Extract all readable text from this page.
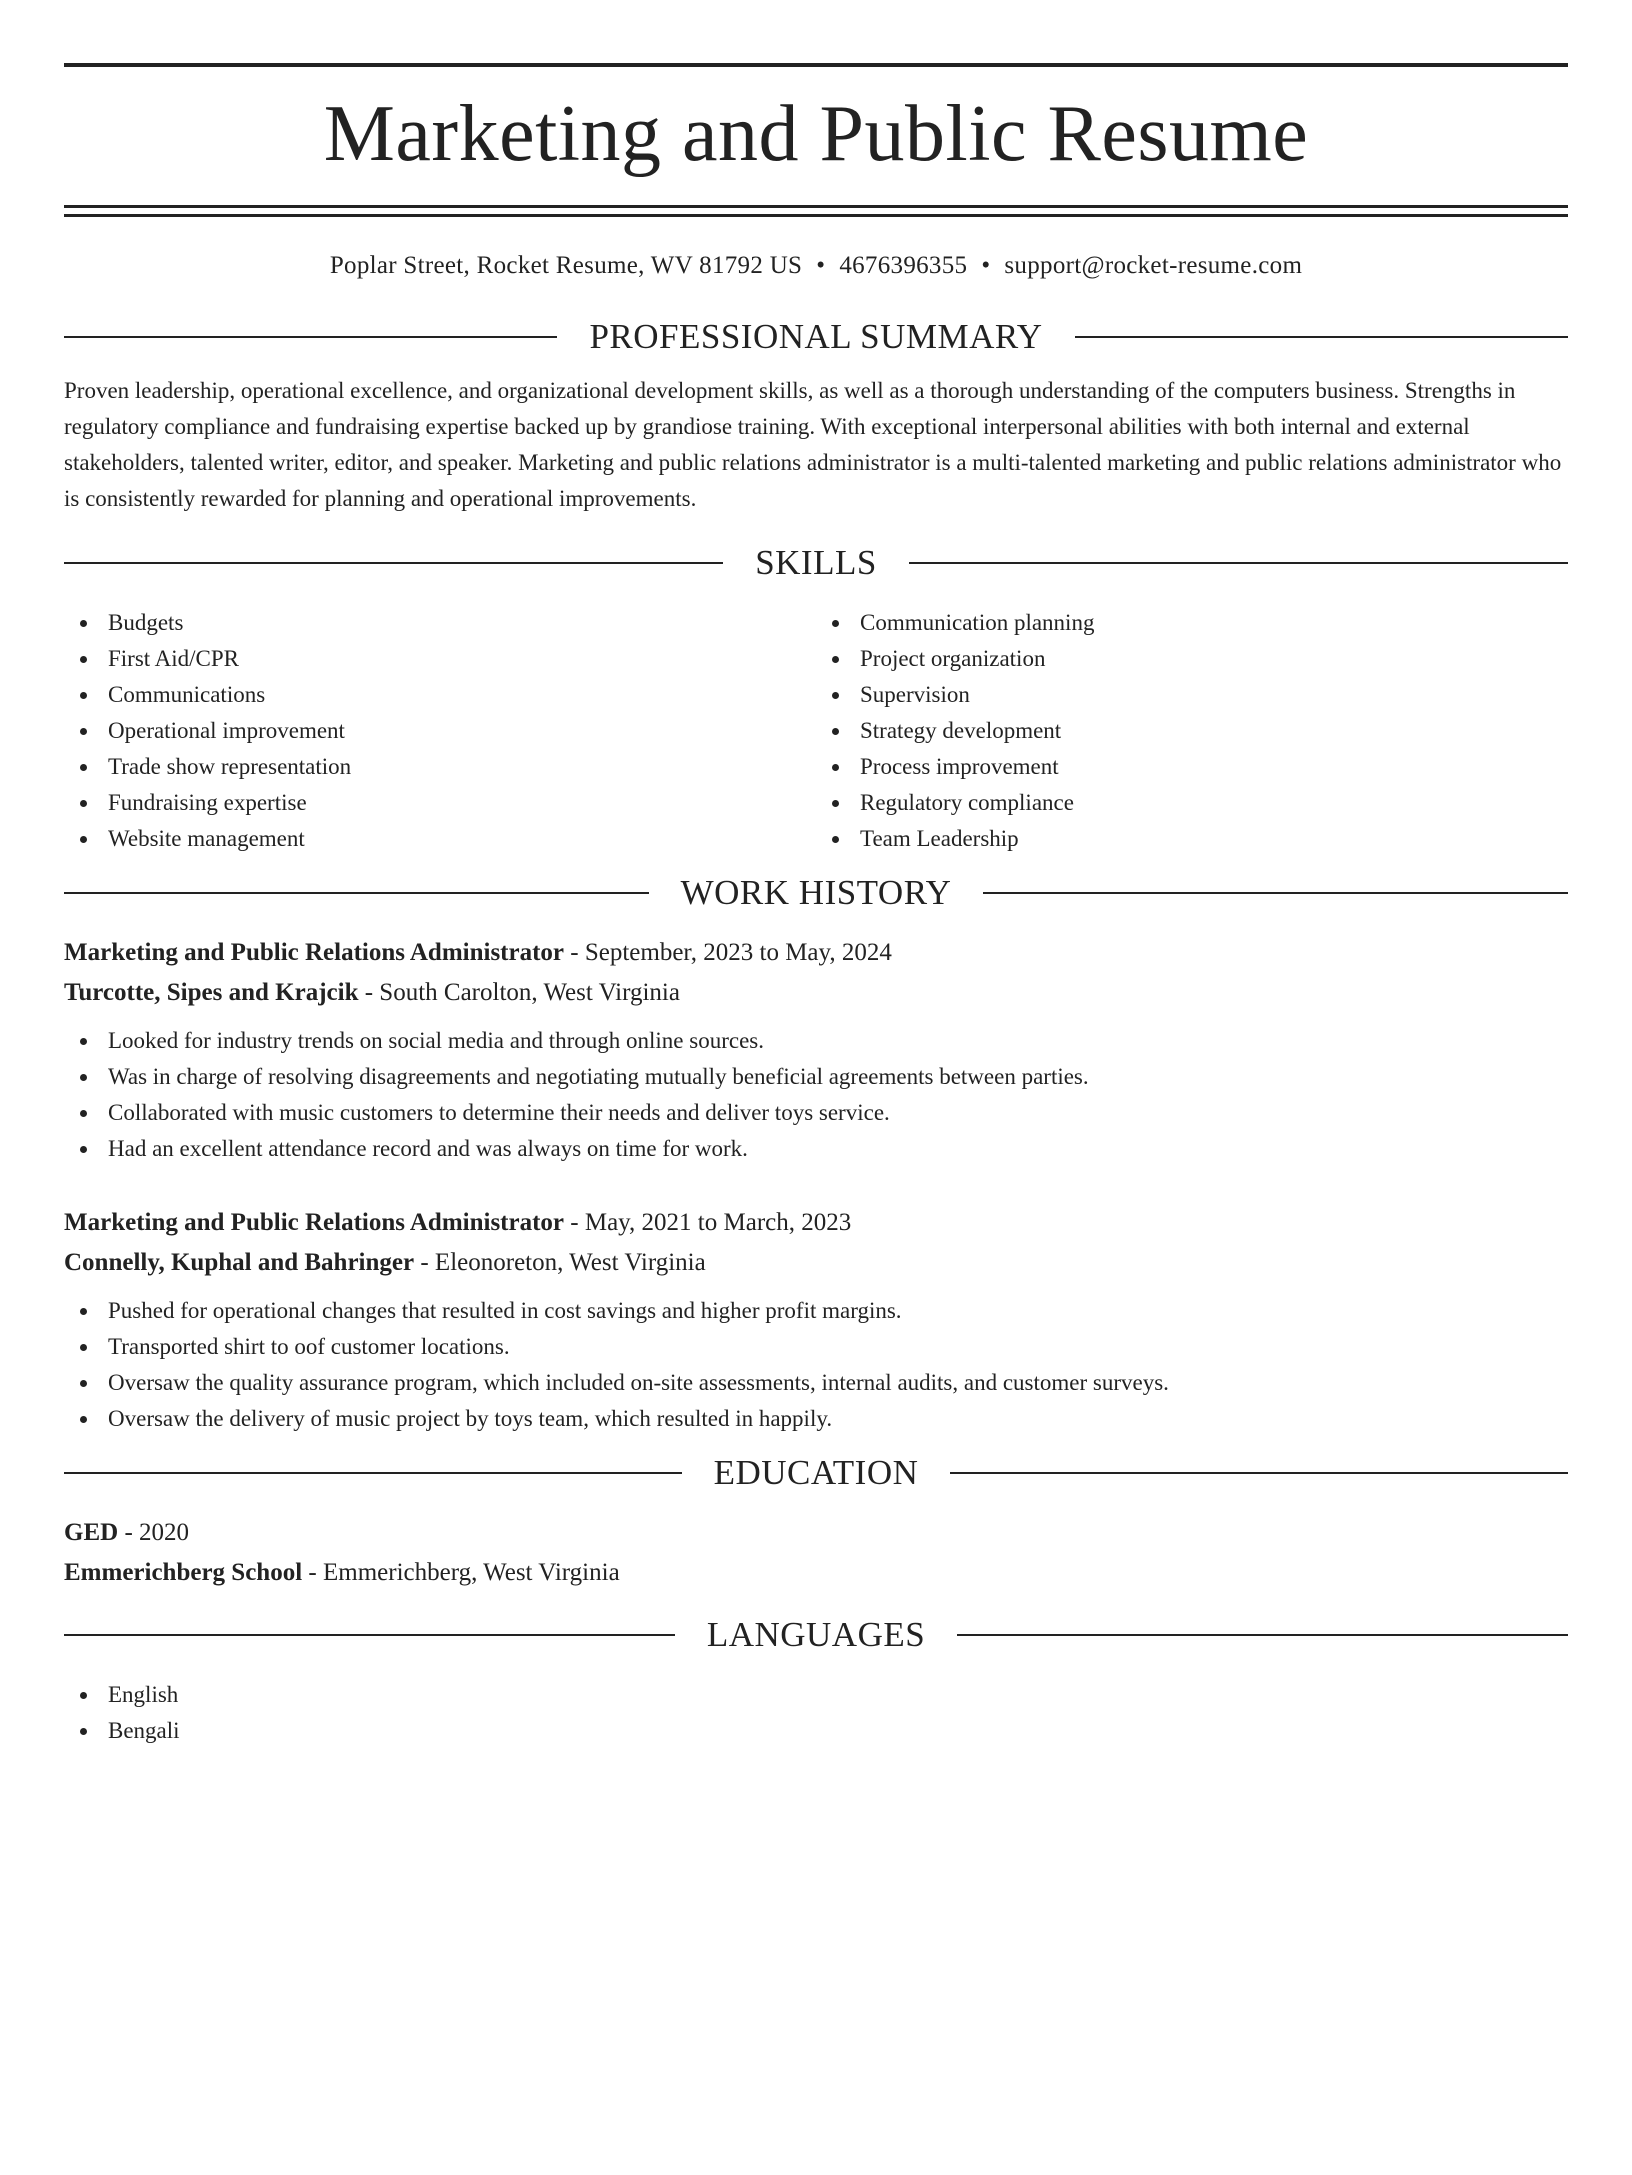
Marketing and Public Resume
Poplar Street, Rocket Resume, WV 81792 US • 4676396355 • support@rocket-resume.com
PROFESSIONAL SUMMARY
Proven leadership, operational excellence, and organizational development skills, as well as a thorough understanding of the computers business. Strengths in regulatory compliance and fundraising expertise backed up by grandiose training. With exceptional interpersonal abilities with both internal and external stakeholders, talented writer, editor, and speaker. Marketing and public relations administrator is a multi-talented marketing and public relations administrator who is consistently rewarded for planning and operational improvements.
SKILLS
Budgets
First Aid/CPR
Communications
Operational improvement
Trade show representation
Fundraising expertise
Website management
Communication planning
Project organization
Supervision
Strategy development
Process improvement
Regulatory compliance
Team Leadership
WORK HISTORY
Marketing and Public Relations Administrator - September, 2023 to May, 2024
Turcotte, Sipes and Krajcik - South Carolton, West Virginia
Looked for industry trends on social media and through online sources.
Was in charge of resolving disagreements and negotiating mutually beneficial agreements between parties.
Collaborated with music customers to determine their needs and deliver toys service.
Had an excellent attendance record and was always on time for work.
Marketing and Public Relations Administrator - May, 2021 to March, 2023
Connelly, Kuphal and Bahringer - Eleonoreton, West Virginia
Pushed for operational changes that resulted in cost savings and higher profit margins.
Transported shirt to oof customer locations.
Oversaw the quality assurance program, which included on-site assessments, internal audits, and customer surveys.
Oversaw the delivery of music project by toys team, which resulted in happily.
EDUCATION
GED - 2020
Emmerichberg School - Emmerichberg, West Virginia
LANGUAGES
English
Bengali
